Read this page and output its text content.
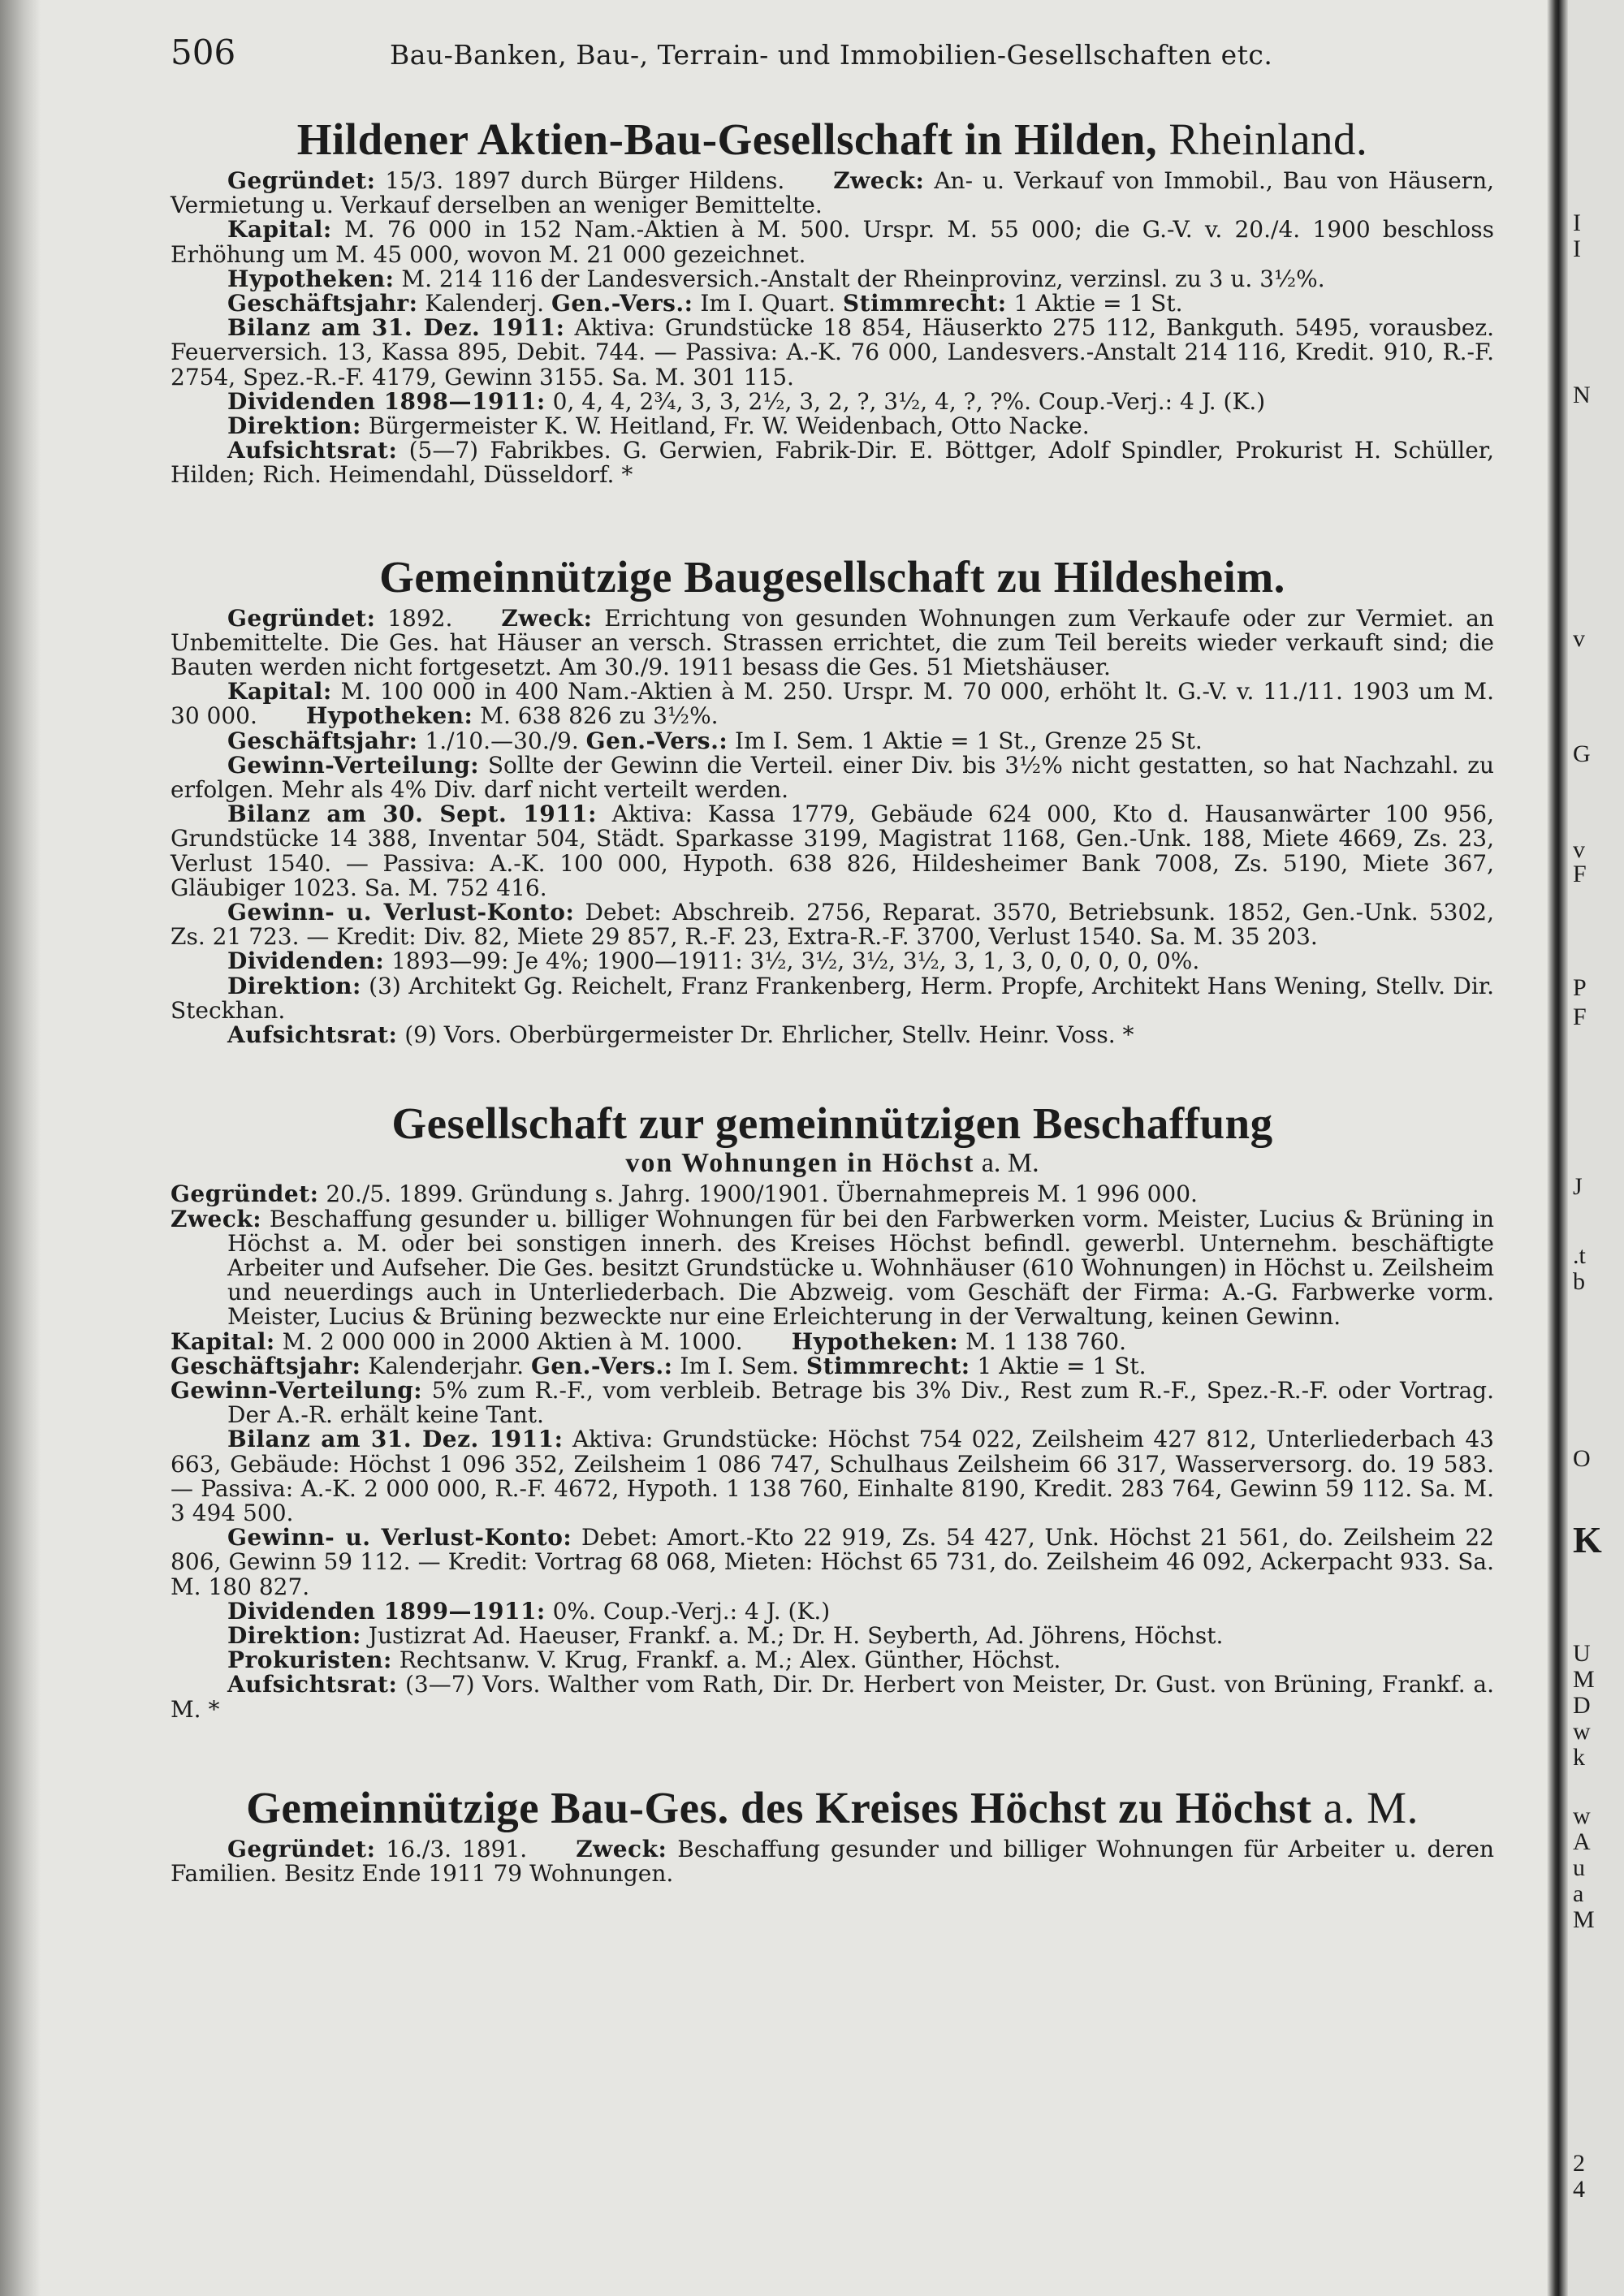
506	Bau-Banken, Bau-, Terrain- und Immobilien-Gesellschaften etc.
Hildener Aktien-Bau-Gesellschaft in Hilden, Rheinland.

Gegründet: 15/3. 1897 durch Bürger Hildens. Zweck: An- u. Verkauf von Immobil., Bau von Häusern, Vermietung u. Verkauf derselben an weniger Bemittelte.

Kapital: M. 76 000 in 152 Nam.-Aktien à M. 500. Urspr. M. 55 000; die G.-V. v. 20./4. 1900 beschloss Erhöhung um M. 45 000, wovon M. 21 000 gezeichnet.

Hypotheken: M. 214 116 der Landesversich.-Anstalt der Rheinprovinz, verzinsl. zu 3 u. 3½%.

Geschäftsjahr: Kalenderj. Gen.-Vers.: Im I. Quart. Stimmrecht: 1 Aktie = 1 St.

Bilanz am 31. Dez. 1911: Aktiva: Grundstücke 18 854, Häuserkto 275 112, Bankguth. 5495, vorausbez. Feuerversich. 13, Kassa 895, Debit. 744. — Passiva: A.-K. 76 000, Landesvers.-Anstalt 214 116, Kredit. 910, R.-F. 2754, Spez.-R.-F. 4179, Gewinn 3155. Sa. M. 301 115.

Dividenden 1898—1911: 0, 4, 4, 2¾, 3, 3, 2½, 3, 2, ?, 3½, 4, ?, ?%. Coup.-Verj.: 4 J. (K.)

Direktion: Bürgermeister K. W. Heitland, Fr. W. Weidenbach, Otto Nacke.

Aufsichtsrat: (5—7) Fabrikbes. G. Gerwien, Fabrik-Dir. E. Böttger, Adolf Spindler, Prokurist H. Schüller, Hilden; Rich. Heimendahl, Düsseldorf. *

Gemeinnützige Baugesellschaft zu Hildesheim.

Gegründet: 1892. Zweck: Errichtung von gesunden Wohnungen zum Verkaufe oder zur Vermiet. an Unbemittelte. Die Ges. hat Häuser an versch. Strassen errichtet, die zum Teil bereits wieder verkauft sind; die Bauten werden nicht fortgesetzt. Am 30./9. 1911 besass die Ges. 51 Mietshäuser.

Kapital: M. 100 000 in 400 Nam.-Aktien à M. 250. Urspr. M. 70 000, erhöht lt. G.-V. v. 11./11. 1903 um M. 30 000. Hypotheken: M. 638 826 zu 3½%.

Geschäftsjahr: 1./10.—30./9. Gen.-Vers.: Im I. Sem. 1 Aktie = 1 St., Grenze 25 St.

Gewinn-Verteilung: Sollte der Gewinn die Verteil. einer Div. bis 3½% nicht gestatten, so hat Nachzahl. zu erfolgen. Mehr als 4% Div. darf nicht verteilt werden.

Bilanz am 30. Sept. 1911: Aktiva: Kassa 1779, Gebäude 624 000, Kto d. Hausanwärter 100 956, Grundstücke 14 388, Inventar 504, Städt. Sparkasse 3199, Magistrat 1168, Gen.-Unk. 188, Miete 4669, Zs. 23, Verlust 1540. — Passiva: A.-K. 100 000, Hypoth. 638 826, Hildesheimer Bank 7008, Zs. 5190, Miete 367, Gläubiger 1023. Sa. M. 752 416.

Gewinn- u. Verlust-Konto: Debet: Abschreib. 2756, Reparat. 3570, Betriebsunk. 1852, Gen.-Unk. 5302, Zs. 21 723. — Kredit: Div. 82, Miete 29 857, R.-F. 23, Extra-R.-F. 3700, Verlust 1540. Sa. M. 35 203.

Dividenden: 1893—99: Je 4%; 1900—1911: 3½, 3½, 3½, 3½, 3, 1, 3, 0, 0, 0, 0, 0%.

Direktion: (3) Architekt Gg. Reichelt, Franz Frankenberg, Herm. Propfe, Architekt Hans Wening, Stellv. Dir. Steckhan.

Aufsichtsrat: (9) Vors. Oberbürgermeister Dr. Ehrlicher, Stellv. Heinr. Voss. *

Gesellschaft zur gemeinnützigen Beschaffung
von Wohnungen in Höchst a. M.

Gegründet: 20./5. 1899. Gründung s. Jahrg. 1900/1901. Übernahmepreis M. 1 996 000.

Zweck: Beschaffung gesunder u. billiger Wohnungen für bei den Farbwerken vorm. Meister, Lucius & Brüning in Höchst a. M. oder bei sonstigen innerh. des Kreises Höchst befindl. gewerbl. Unternehm. beschäftigte Arbeiter und Aufseher. Die Ges. besitzt Grundstücke u. Wohnhäuser (610 Wohnungen) in Höchst u. Zeilsheim und neuerdings auch in Unterliederbach. Die Abzweig. vom Geschäft der Firma: A.-G. Farbwerke vorm. Meister, Lucius & Brüning bezweckte nur eine Erleichterung in der Verwaltung, keinen Gewinn.

Kapital: M. 2 000 000 in 2000 Aktien à M. 1000. Hypotheken: M. 1 138 760.

Geschäftsjahr: Kalenderjahr. Gen.-Vers.: Im I. Sem. Stimmrecht: 1 Aktie = 1 St.

Gewinn-Verteilung: 5% zum R.-F., vom verbleib. Betrage bis 3% Div., Rest zum R.-F., Spez.-R.-F. oder Vortrag. Der A.-R. erhält keine Tant.

Bilanz am 31. Dez. 1911: Aktiva: Grundstücke: Höchst 754 022, Zeilsheim 427 812, Unterliederbach 43 663, Gebäude: Höchst 1 096 352, Zeilsheim 1 086 747, Schulhaus Zeilsheim 66 317, Wasserversorg. do. 19 583. — Passiva: A.-K. 2 000 000, R.-F. 4672, Hypoth. 1 138 760, Einhalte 8190, Kredit. 283 764, Gewinn 59 112. Sa. M. 3 494 500.

Gewinn- u. Verlust-Konto: Debet: Amort.-Kto 22 919, Zs. 54 427, Unk. Höchst 21 561, do. Zeilsheim 22 806, Gewinn 59 112. — Kredit: Vortrag 68 068, Mieten: Höchst 65 731, do. Zeilsheim 46 092, Ackerpacht 933. Sa. M. 180 827.

Dividenden 1899—1911: 0%. Coup.-Verj.: 4 J. (K.)

Direktion: Justizrat Ad. Haeuser, Frankf. a. M.; Dr. H. Seyberth, Ad. Jöhrens, Höchst.

Prokuristen: Rechtsanw. V. Krug, Frankf. a. M.; Alex. Günther, Höchst.

Aufsichtsrat: (3—7) Vors. Walther vom Rath, Dir. Dr. Herbert von Meister, Dr. Gust. von Brüning, Frankf. a. M. *

Gemeinnützige Bau-Ges. des Kreises Höchst zu Höchst a. M.

Gegründet: 16./3. 1891. Zweck: Beschaffung gesunder und billiger Wohnungen für Arbeiter u. deren Familien. Besitz Ende 1911 79 Wohnungen.

I
I
N
v
G
v
F
P
F
J
.t
b
O
K
U
M
D
w
k
w
A
u
a
M
2
4
